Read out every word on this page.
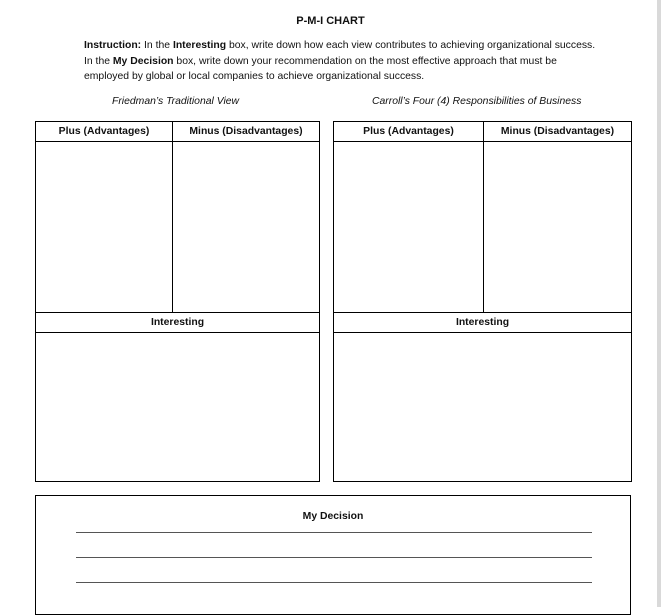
P-M-I CHART
Instruction: In the Interesting box, write down how each view contributes to achieving organizational success. In the My Decision box, write down your recommendation on the most effective approach that must be employed by global or local companies to achieve organizational success.
Friedman’s Traditional View	Carroll’s Four (4) Responsibilities of Business
Plus (Advantages)	Minus (Disadvantages)
Interesting
Plus (Advantages)	Minus (Disadvantages)
Interesting
My Decision
